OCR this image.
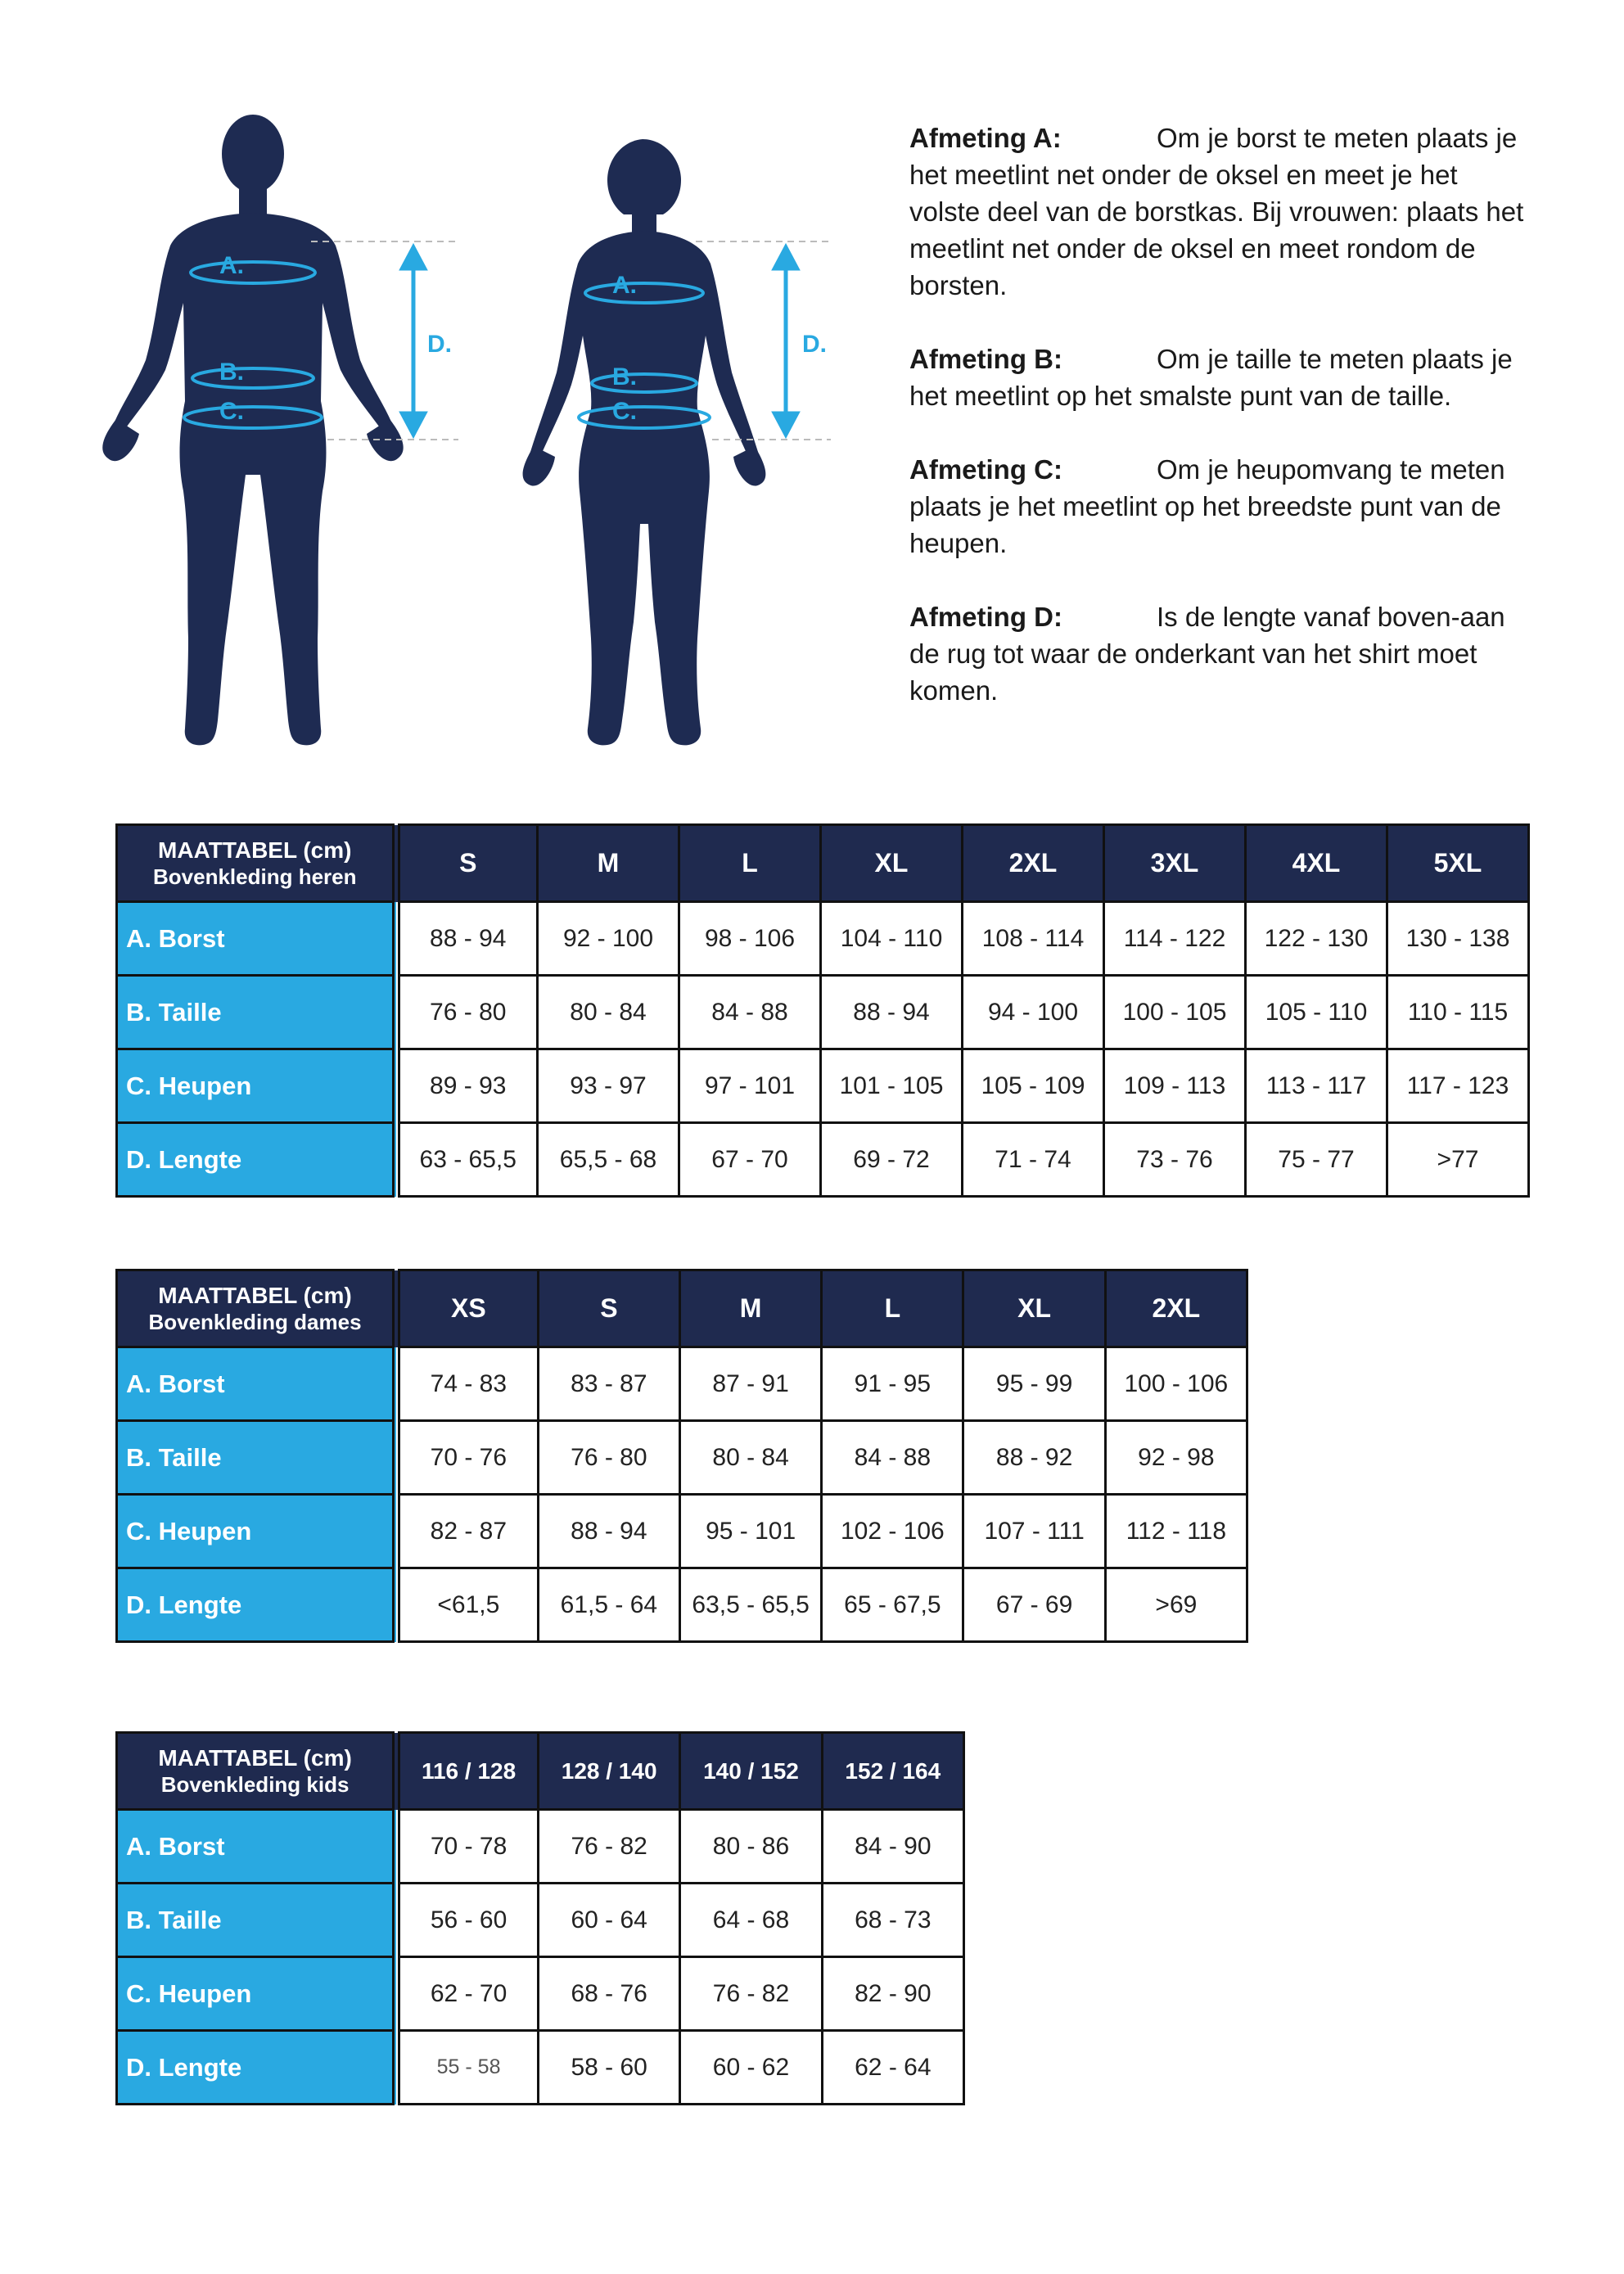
A.
B.
C.
D.
A.
B.
C.
D.

Afmeting A:	Om je borst te meten plaats je het meetlint net onder de oksel en meet je het volste deel van de borstkas. Bij vrouwen: plaats het meetlint net onder de oksel en meet rondom de borsten.

Afmeting B:	Om je taille te meten plaats je het meetlint op het smalste punt van de taille.

Afmeting C:	Om je heupomvang te meten plaats je het meetlint op het breedste punt van de heupen.

Afmeting D:	Is de lengte vanaf boven-aan de rug tot waar de onderkant van het shirt moet komen.

MAATTABEL (cm)
Bovenkleding heren	S	M	L	XL	2XL	3XL	4XL	5XL
A. Borst	88 - 94	92 - 100	98 - 106	104 - 110	108 - 114	114 - 122	122 - 130	130 - 138
B. Taille	76 - 80	80 - 84	84 - 88	88 - 94	94 - 100	100 - 105	105 - 110	110 - 115
C. Heupen	89 - 93	93 - 97	97 - 101	101 - 105	105 - 109	109 - 113	113 - 117	117 - 123
D. Lengte	63 - 65,5	65,5 - 68	67 - 70	69 - 72	71 - 74	73 - 76	75 - 77	>77
MAATTABEL (cm)
Bovenkleding dames	XS	S	M	L	XL	2XL
A. Borst	74 - 83	83 - 87	87 - 91	91 - 95	95 - 99	100 - 106
B. Taille	70 - 76	76 - 80	80 - 84	84 - 88	88 - 92	92 - 98
C. Heupen	82 - 87	88 - 94	95 - 101	102 - 106	107 - 111	112 - 118
D. Lengte	<61,5	61,5 - 64	63,5 - 65,5	65 - 67,5	67 - 69	>69
MAATTABEL (cm)
Bovenkleding kids	116 / 128	128 / 140	140 / 152	152 / 164
A. Borst	70 - 78	76 - 82	80 - 86	84 - 90
B. Taille	56 - 60	60 - 64	64 - 68	68 - 73
C. Heupen	62 - 70	68 - 76	76 - 82	82 - 90
D. Lengte	55 - 58	58 - 60	60 - 62	62 - 64
